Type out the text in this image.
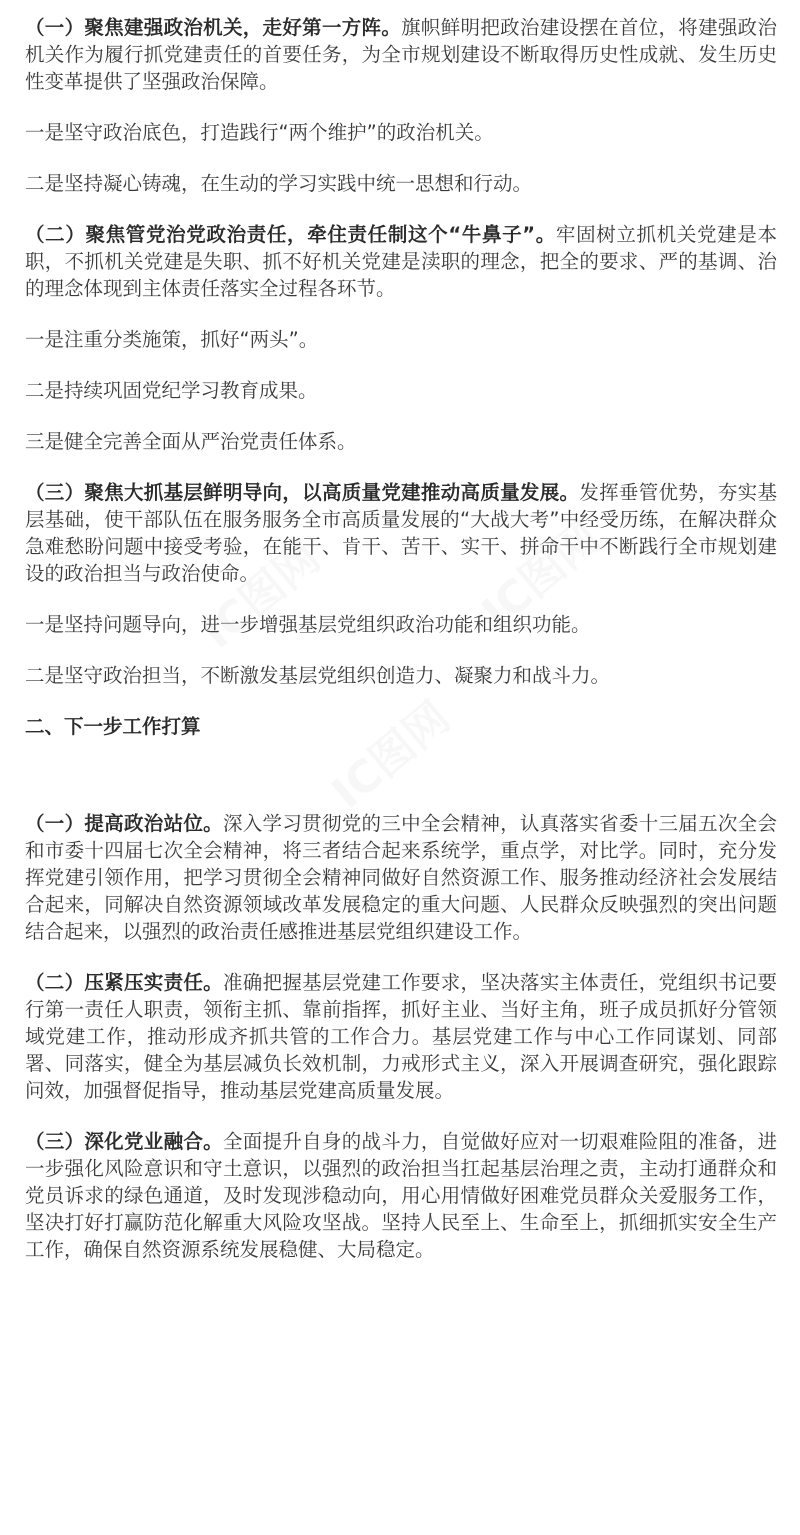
IC图网	IC图网
IC图网

（一）聚焦建强政治机关，走好第一方阵。旗帜鲜明把政治建设摆在首位，将建强政治机关作为履行抓党建责任的首要任务，为全市规划建设不断取得历史性成就、发生历史性变革提供了坚强政治保障。

一是坚守政治底色，打造践行“两个维护”的政治机关。

二是坚持凝心铸魂，在生动的学习实践中统一思想和行动。

（二）聚焦管党治党政治责任，牵住责任制这个“牛鼻子”。牢固树立抓机关党建是本职，不抓机关党建是失职、抓不好机关党建是渎职的理念，把全的要求、严的基调、治的理念体现到主体责任落实全过程各环节。

一是注重分类施策，抓好“两头”。

二是持续巩固党纪学习教育成果。

三是健全完善全面从严治党责任体系。

（三）聚焦大抓基层鲜明导向，以高质量党建推动高质量发展。发挥垂管优势，夯实基层基础，使干部队伍在服务服务全市高质量发展的“大战大考”中经受历练，在解决群众急难愁盼问题中接受考验，在能干、肯干、苦干、实干、拼命干中不断践行全市规划建设的政治担当与政治使命。

一是坚持问题导向，进一步增强基层党组织政治功能和组织功能。

二是坚守政治担当，不断激发基层党组织创造力、凝聚力和战斗力。

二、下一步工作打算

（一）提高政治站位。深入学习贯彻党的三中全会精神，认真落实省委十三届五次全会和市委十四届七次全会精神，将三者结合起来系统学，重点学，对比学。同时，充分发挥党建引领作用，把学习贯彻全会精神同做好自然资源工作、服务推动经济社会发展结合起来，同解决自然资源领域改革发展稳定的重大问题、人民群众反映强烈的突出问题结合起来，以强烈的政治责任感推进基层党组织建设工作。

（二）压紧压实责任。准确把握基层党建工作要求，坚决落实主体责任，党组织书记要行第一责任人职责，领衔主抓、靠前指挥，抓好主业、当好主角，班子成员抓好分管领域党建工作，推动形成齐抓共管的工作合力。基层党建工作与中心工作同谋划、同部署、同落实，健全为基层减负长效机制，力戒形式主义，深入开展调查研究，强化跟踪问效，加强督促指导，推动基层党建高质量发展。

（三）深化党业融合。全面提升自身的战斗力，自觉做好应对一切艰难险阻的准备，进一步强化风险意识和守土意识，以强烈的政治担当扛起基层治理之责，主动打通群众和党员诉求的绿色通道，及时发现涉稳动向，用心用情做好困难党员群众关爱服务工作，坚决打好打赢防范化解重大风险攻坚战。坚持人民至上、生命至上，抓细抓实安全生产工作，确保自然资源系统发展稳健、大局稳定。
